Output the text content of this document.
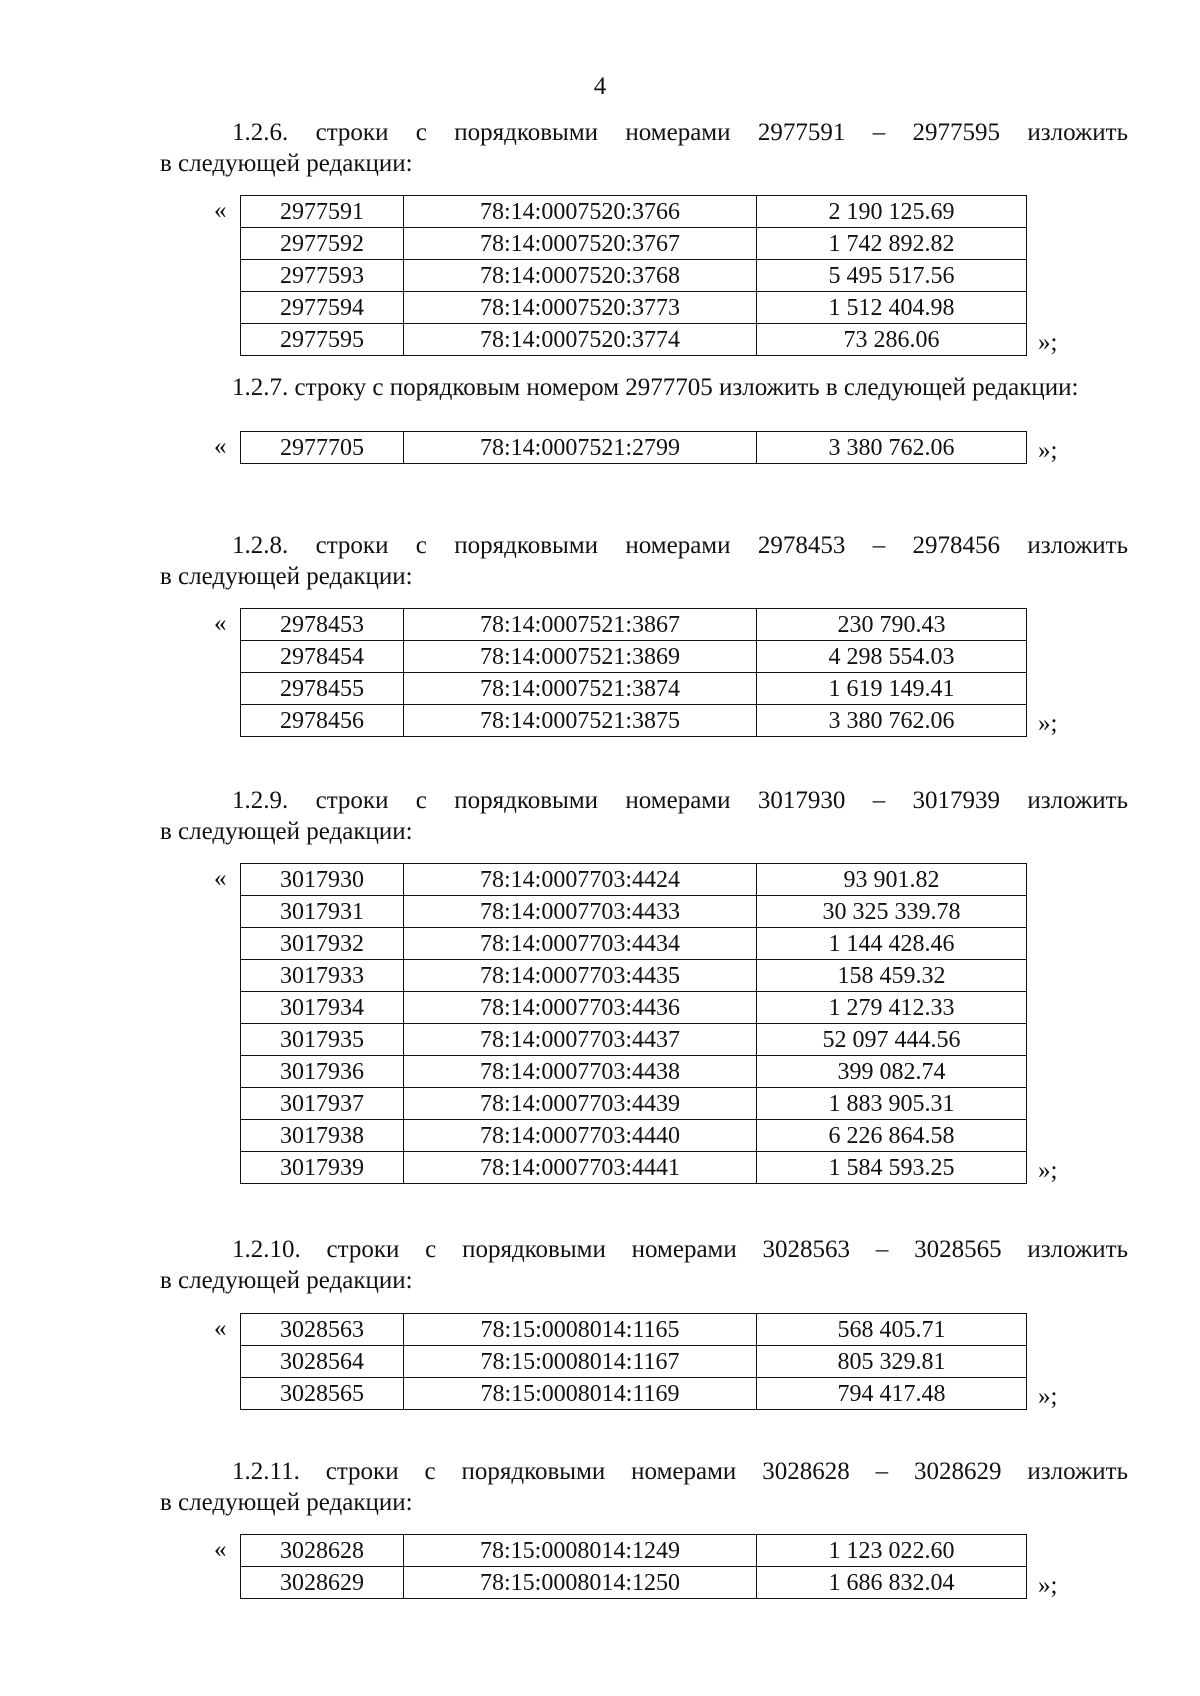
4
1.2.6. строки с порядковыми номерами 2977591 – 2977595 изложить
в следующей редакции:
« 2977591	78:14:0007520:3766	2 190 125.69
2977592	78:14:0007520:3767	1 742 892.82
2977593	78:14:0007520:3768	5 495 517.56
2977594	78:14:0007520:3773	1 512 404.98
2977595	78:14:0007520:3774	73 286.06	»;
1.2.7. строку с порядковым номером 2977705 изложить в следующей редакции:
« 2977705	78:14:0007521:2799	3 380 762.06	»;
1.2.8. строки с порядковыми номерами 2978453 – 2978456 изложить
в следующей редакции:
« 2978453	78:14:0007521:3867	230 790.43
2978454	78:14:0007521:3869	4 298 554.03
2978455	78:14:0007521:3874	1 619 149.41
2978456	78:14:0007521:3875	3 380 762.06	»;
1.2.9. строки с порядковыми номерами 3017930 – 3017939 изложить
в следующей редакции:
« 3017930	78:14:0007703:4424	93 901.82
3017931	78:14:0007703:4433	30 325 339.78
3017932	78:14:0007703:4434	1 144 428.46
3017933	78:14:0007703:4435	158 459.32
3017934	78:14:0007703:4436	1 279 412.33
3017935	78:14:0007703:4437	52 097 444.56
3017936	78:14:0007703:4438	399 082.74
3017937	78:14:0007703:4439	1 883 905.31
3017938	78:14:0007703:4440	6 226 864.58
3017939	78:14:0007703:4441	1 584 593.25	»;
1.2.10. строки с порядковыми номерами 3028563 – 3028565 изложить
в следующей редакции:
« 3028563	78:15:0008014:1165	568 405.71
3028564	78:15:0008014:1167	805 329.81
3028565	78:15:0008014:1169	794 417.48	»;
1.2.11. строки с порядковыми номерами 3028628 – 3028629 изложить
в следующей редакции:
« 3028628	78:15:0008014:1249	1 123 022.60
3028629	78:15:0008014:1250	1 686 832.04	»;
